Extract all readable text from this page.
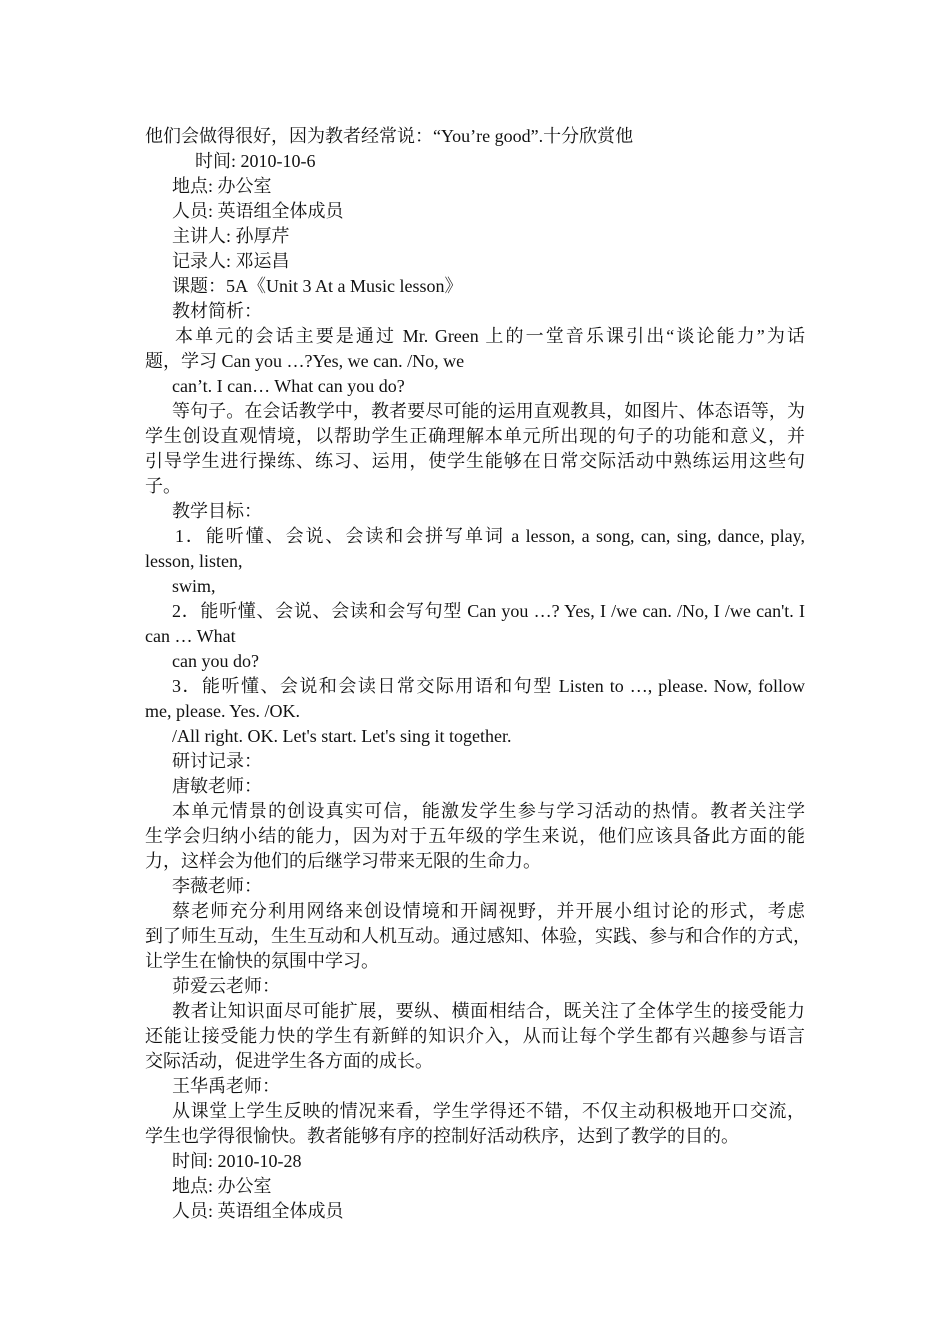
他们会做得很好，因为教者经常说：“You’re good”.十分欣赏他
时间: 2010-10-6
地点: 办公室
人员: 英语组全体成员
主讲人: 孙厚芹
记录人: 邓运昌
课题：5A《Unit 3 At a Music lesson》
教材简析：
本单元的会话主要是通过 Mr. Green 上的一堂音乐课引出“谈论能力”为话
题，学习 Can you …?Yes, we can. /No, we
can’t. I can… What can you do?
等句子。在会话教学中，教者要尽可能的运用直观教具，如图片、体态语等，为
学生创设直观情境，以帮助学生正确理解本单元所出现的句子的功能和意义，并
引导学生进行操练、练习、运用，使学生能够在日常交际活动中熟练运用这些句
子。
教学目标：
1．能听懂、会说、会读和会拼写单词 a lesson, a song, can, sing, dance, play,
lesson, listen,
swim,
2．能听懂、会说、会读和会写句型 Can you …? Yes, I /we can. /No, I /we can't. I
can … What
can you do?
3．能听懂、会说和会读日常交际用语和句型 Listen to …, please. Now, follow
me, please. Yes. /OK.
/All right. OK. Let's start. Let's sing it together.
研讨记录：
唐敏老师：
本单元情景的创设真实可信，能激发学生参与学习活动的热情。教者关注学
生学会归纳小结的能力，因为对于五年级的学生来说，他们应该具备此方面的能
力，这样会为他们的后继学习带来无限的生命力。
李薇老师：
蔡老师充分利用网络来创设情境和开阔视野，并开展小组讨论的形式，考虑
到了师生互动，生生互动和人机互动。通过感知、体验，实践、参与和合作的方式，
让学生在愉快的氛围中学习。
茆爱云老师：
教者让知识面尽可能扩展，要纵、横面相结合，既关注了全体学生的接受能力
还能让接受能力快的学生有新鲜的知识介入，从而让每个学生都有兴趣参与语言
交际活动，促进学生各方面的成长。
王华禹老师：
从课堂上学生反映的情况来看，学生学得还不错，不仅主动积极地开口交流，
学生也学得很愉快。教者能够有序的控制好活动秩序，达到了教学的目的。
时间: 2010-10-28
地点: 办公室
人员: 英语组全体成员
